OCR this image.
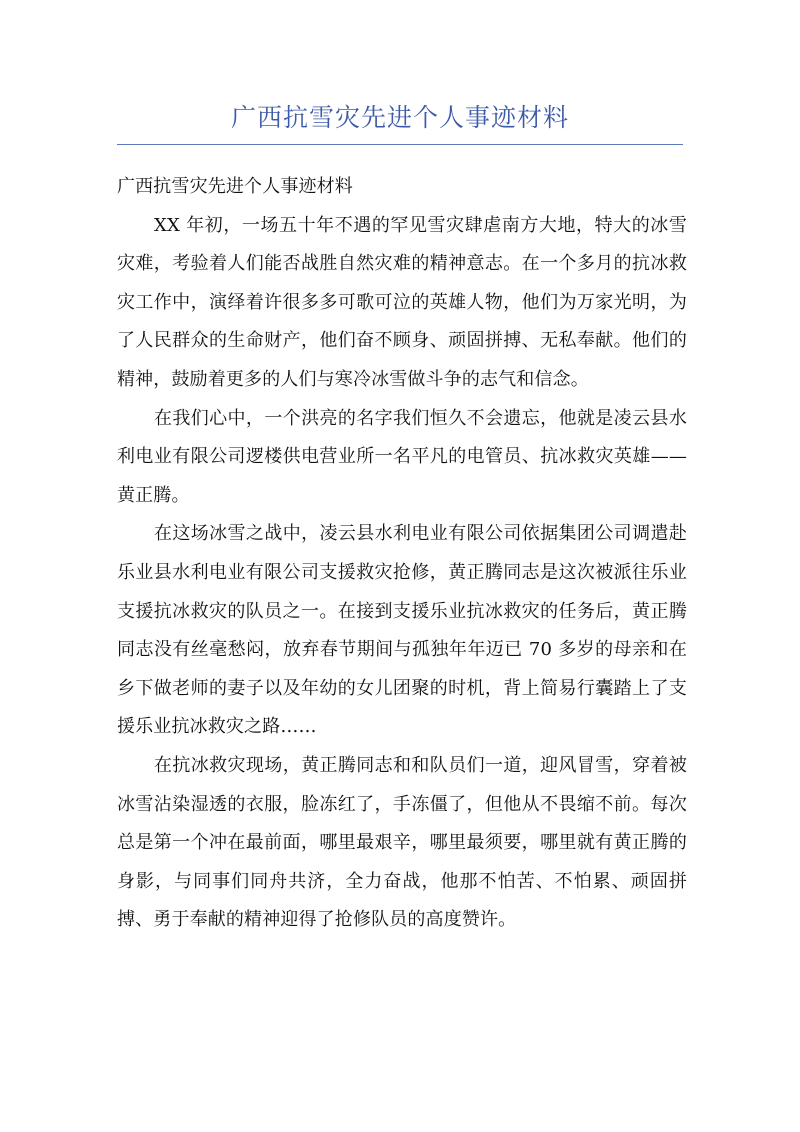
广西抗雪灾先进个人事迹材料

广西抗雪灾先进个人事迹材料

XX 年初，一场五十年不遇的罕见雪灾肆虐南方大地，特大的冰雪灾难，考验着人们能否战胜自然灾难的精神意志。在一个多月的抗冰救灾工作中，演绎着许很多多可歌可泣的英雄人物，他们为万家光明，为了人民群众的生命财产，他们奋不顾身、顽固拼搏、无私奉献。他们的精神，鼓励着更多的人们与寒冷冰雪做斗争的志气和信念。

在我们心中，一个洪亮的名字我们恒久不会遗忘，他就是凌云县水利电业有限公司逻楼供电营业所一名平凡的电管员、抗冰救灾英雄——黄正腾。

在这场冰雪之战中，凌云县水利电业有限公司依据集团公司调遣赴乐业县水利电业有限公司支援救灾抢修，黄正腾同志是这次被派往乐业支援抗冰救灾的队员之一。在接到支援乐业抗冰救灾的任务后，黄正腾同志没有丝毫愁闷，放弃春节期间与孤独年年迈已 70 多岁的母亲和在乡下做老师的妻子以及年幼的女儿团聚的时机，背上简易行囊踏上了支援乐业抗冰救灾之路……

在抗冰救灾现场，黄正腾同志和和队员们一道，迎风冒雪，穿着被冰雪沾染湿透的衣服，脸冻红了，手冻僵了，但他从不畏缩不前。每次总是第一个冲在最前面，哪里最艰辛，哪里最须要，哪里就有黄正腾的身影，与同事们同舟共济，全力奋战，他那不怕苦、不怕累、顽固拼搏、勇于奉献的精神迎得了抢修队员的高度赞许。
